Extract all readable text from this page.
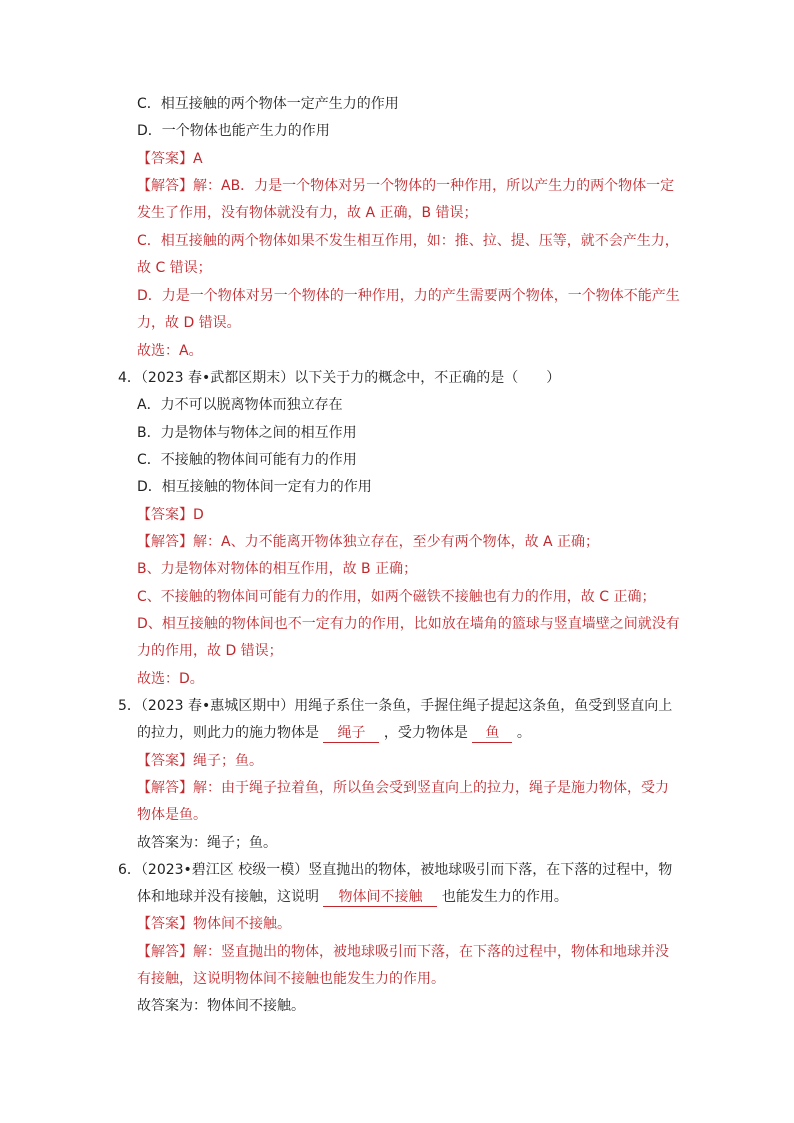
C．相互接触的两个物体一定产生力的作用
D．一个物体也能产生力的作用
【答案】A
【解答】解：AB．力是一个物体对另一个物体的一种作用，所以产生力的两个物体一定
发生了作用，没有物体就没有力，故 A 正确，B 错误；
C．相互接触的两个物体如果不发生相互作用，如：推、拉、提、压等，就不会产生力，
故 C 错误；
D．力是一个物体对另一个物体的一种作用，力的产生需要两个物体，一个物体不能产生
力，故 D 错误。
故选：A。
4．（2023 春•武都区期末）以下关于力的概念中，不正确的是（　　）
A．力不可以脱离物体而独立存在
B．力是物体与物体之间的相互作用
C．不接触的物体间可能有力的作用
D．相互接触的物体间一定有力的作用
【答案】D
【解答】解：A、力不能离开物体独立存在，至少有两个物体，故 A 正确；
B、力是物体对物体的相互作用，故 B 正确；
C、不接触的物体间可能有力的作用，如两个磁铁不接触也有力的作用，故 C 正确；
D、相互接触的物体间也不一定有力的作用，比如放在墙角的篮球与竖直墙壁之间就没有
力的作用，故 D 错误；
故选：D。
5．（2023 春•惠城区期中）用绳子系住一条鱼，手握住绳子提起这条鱼，鱼受到竖直向上
的拉力，则此力的施力物体是 绳子 ，受力物体是 鱼 。
【答案】绳子；鱼。
【解答】解：由于绳子拉着鱼，所以鱼会受到竖直向上的拉力，绳子是施力物体，受力
物体是鱼。
故答案为：绳子；鱼。
6．（2023•碧江区 校级一模）竖直抛出的物体，被地球吸引而下落，在下落的过程中，物
体和地球并没有接触，这说明 物体间不接触 也能发生力的作用。
【答案】物体间不接触。
【解答】解：竖直抛出的物体，被地球吸引而下落，在下落的过程中，物体和地球并没
有接触，这说明物体间不接触也能发生力的作用。
故答案为：物体间不接触。
